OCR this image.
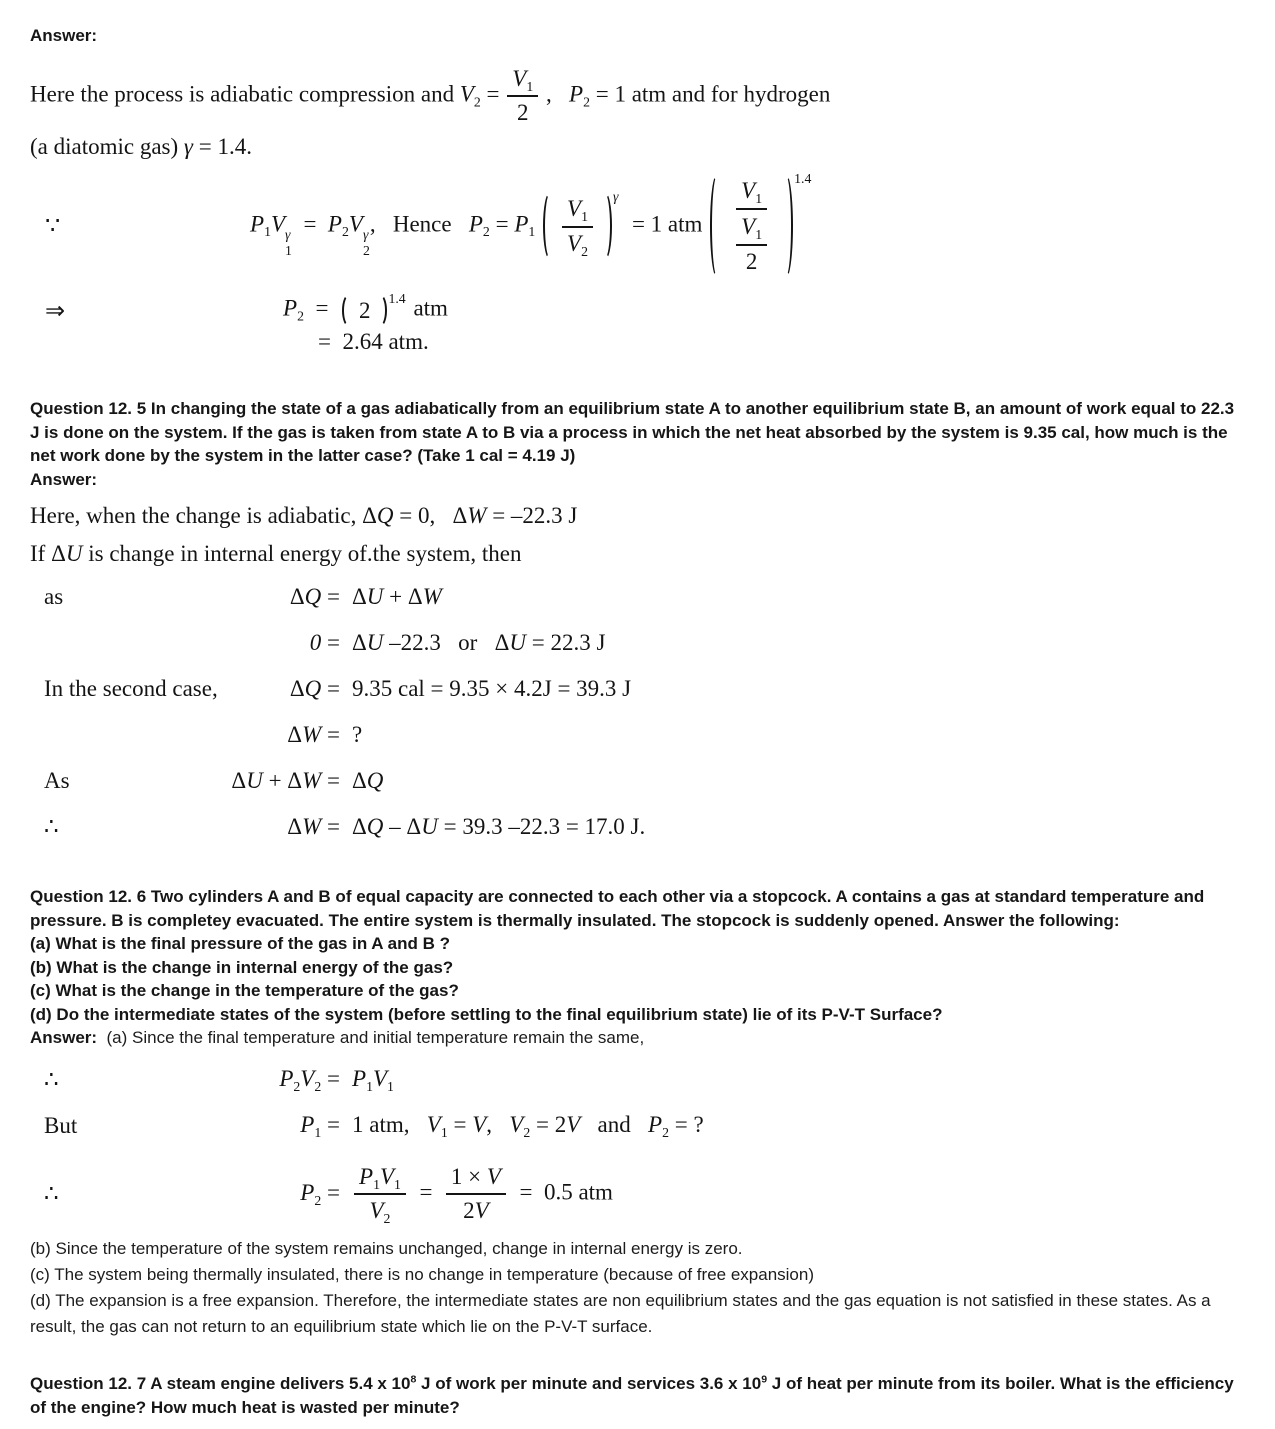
Answer:
Here the process is adiabatic compression and $V_2 = \frac{V_1}{2}$ ,   $P_2 = 1$ atm and for hydrogen
(a diatomic gas) γ = 1.4.
∵	$P_1V$ γ
1
=  $P_2V$ γ
2
,   Hence   $P_2 = P_1 \frac{V_1}{V_2}$ γ
= 1 atm $\frac{V_1}{\frac{V_1}{2}} 1.4$
⇒	$P_2 = 2$ 1.4 atm
=  2.64 atm.

Question 12. 5 In changing the state of a gas adiabatically from an equilibrium state A to another equilibrium state B, an amount of work equal to 22.3 J is done on the system. If the gas is taken from state A to B via a process in which the net heat absorbed by the system is 9.35 cal, how much is the net work done by the system in the latter case? (Take 1 cal = 4.19 J)

Answer:
Here, when the change is adiabatic, ΔQ = 0,   ΔW = –22.3 J
If ΔU is change in internal energy of.the system, then
as	ΔQ = ΔU + ΔW
0 = ΔU –22.3   or   ΔU = 22.3 J
In the second case,	ΔQ = 9.35 cal = 9.35 × 4.2J = 39.3 J
ΔW = ?
As	ΔU + ΔW = ΔQ
∴	ΔW = ΔQ – ΔU = 39.3 –22.3 = 17.0 J.

Question 12. 6 Two cylinders A and B of equal capacity are connected to each other via a stopcock. A contains a gas at standard temperature and pressure. B is completey evacuated. The entire system is thermally insulated. The stopcock is suddenly opened. Answer the following:

(a) What is the final pressure of the gas in A and B ?
(b) What is the change in internal energy of the gas?
(c) What is the change in the temperature of the gas?
(d) Do the intermediate states of the system (before settling to the final equilibrium state) lie of its P-V-T Surface?
Answer:  (a) Since the final temperature and initial temperature remain the same,
∴	$P_2V_2 = P_1V_1$
But	$P_1 = 1$ atm,   $V_1 = V$,   $V_2 = 2V$   and   $P_2$ = ?
∴	$P_2 = \frac{P_1V_1}{V_2} = \frac{1 \times V}{2V} = 0.5$ atm
(b) Since the temperature of the system remains unchanged, change in internal energy is zero.
(c) The system being thermally insulated, there is no change in temperature (because of free expansion)
(d) The expansion is a free expansion. Therefore, the intermediate states are non equilibrium states and the gas equation is not satisfied in these states. As a result, the gas can not return to an equilibrium state which lie on the P-V-T surface.

Question 12. 7 A steam engine delivers 5.4 x $10^8$ J of work per minute and services 3.6 x $10^9$ J of heat per minute from its boiler. What is the efficiency of the engine? How much heat is wasted per minute?
